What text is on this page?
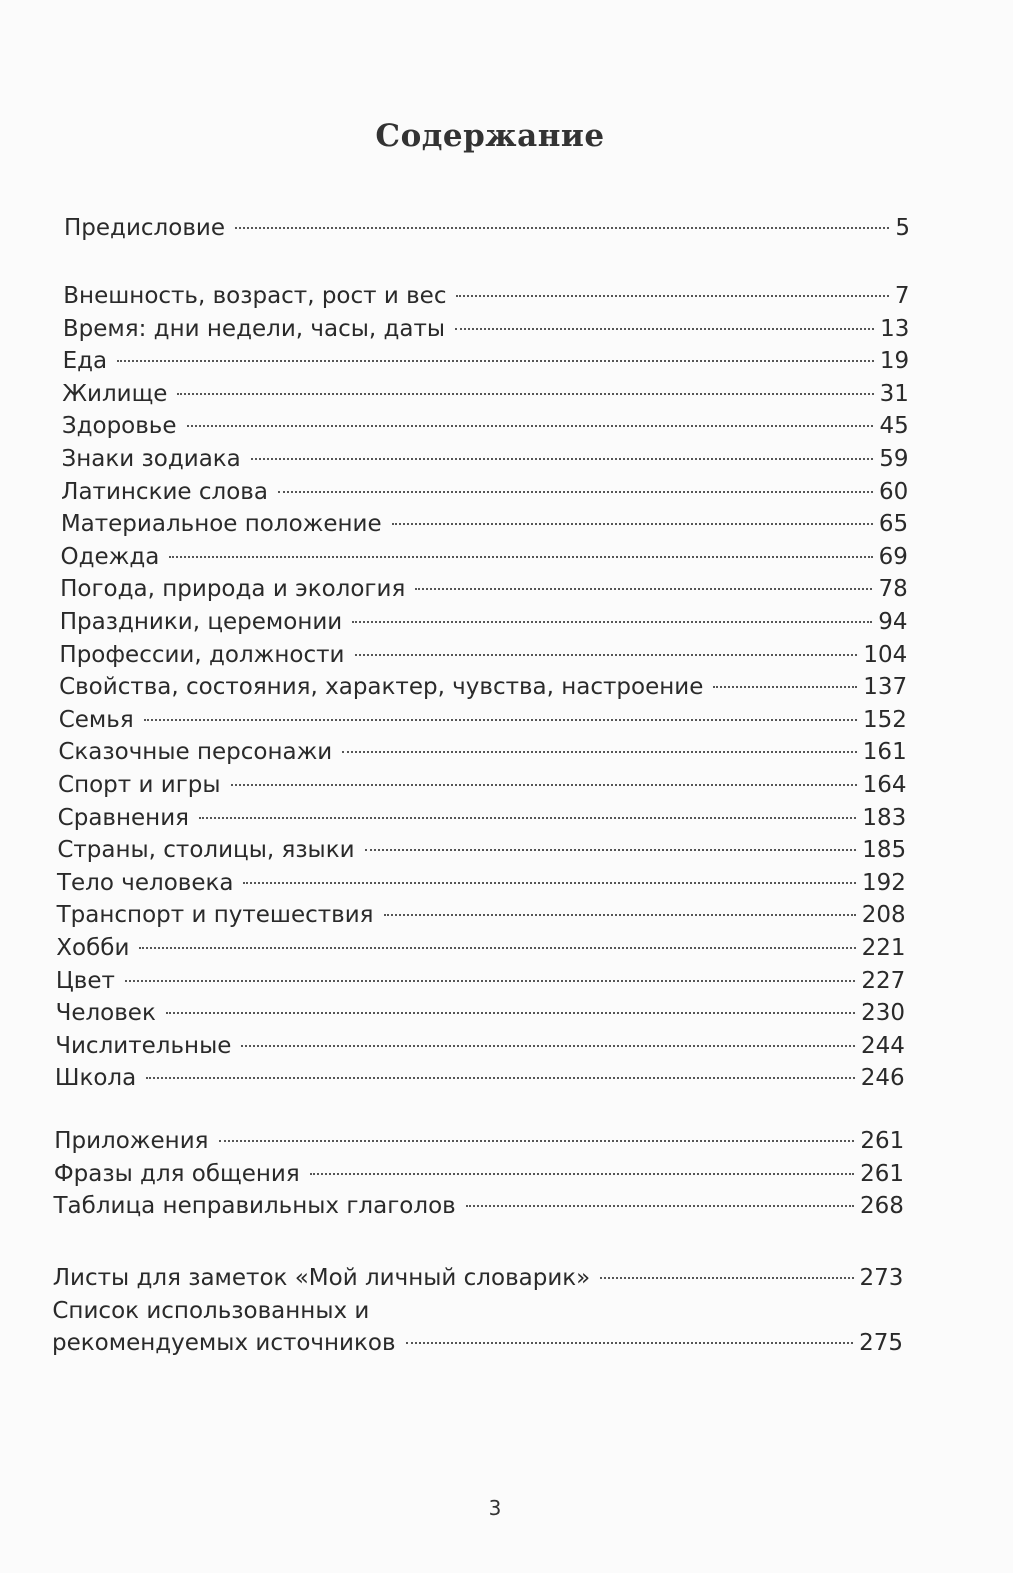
Содержание
Предисловие	5
Внешность, возраст, рост и вес	7
Время: дни недели, часы, даты	13
Еда	19
Жилище	31
Здоровье	45
Знаки зодиака	59
Латинские слова	60
Материальное положение	65
Одежда	69
Погода, природа и экология	78
Праздники, церемонии	94
Профессии, должности	104
Свойства, состояния, характер, чувства, настроение	137
Семья	152
Сказочные персонажи	161
Спорт и игры	164
Сравнения	183
Страны, столицы, языки	185
Тело человека	192
Транспорт и путешествия	208
Хобби	221
Цвет	227
Человек	230
Числительные	244
Школа	246
Приложения	261
Фразы для общения	261
Таблица неправильных глаголов	268
Листы для заметок «Мой личный словарик»	273
Список использованных и
рекомендуемых источников	275
3
